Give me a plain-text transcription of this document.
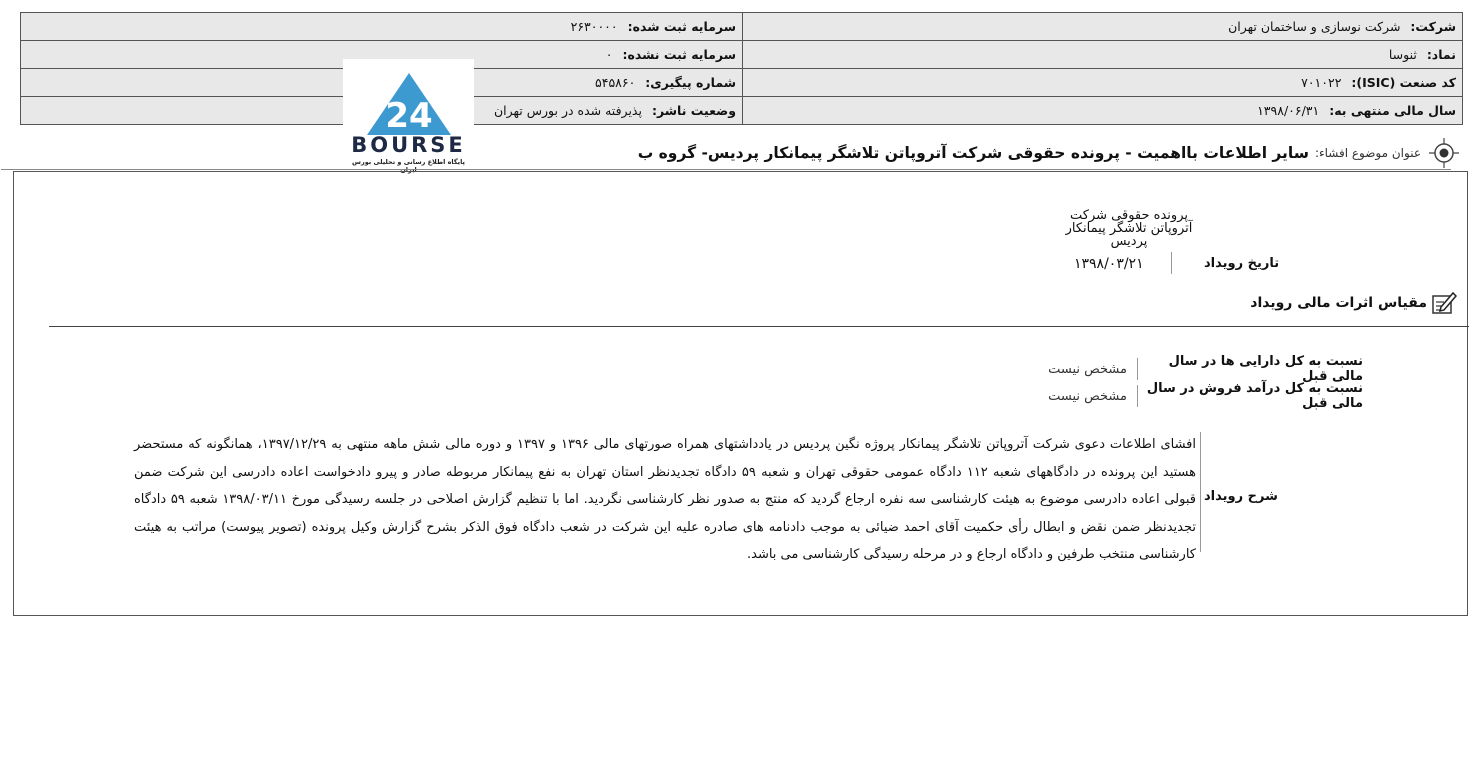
شرکت: شرکت نوسازی و ساختمان تهران	سرمایه ثبت شده: ۲۶۳۰۰۰۰
نماد: ثنوسا	سرمایه ثبت نشده: ۰
کد صنعت (ISIC): ۷۰۱۰۲۲	شماره پیگیری: ۵۴۵۸۶۰
سال مالی منتهی به: ۱۳۹۸/۰۶/۳۱	وضعیت ناشر: پذیرفته شده در بورس تهران
24
BOURSE
پایگاه اطلاع رسانی و تحلیلی بورس ایران
عنوان موضوع افشاء:
سایر اطلاعات بااهمیت - پرونده حقوقی شرکت آتروپاتن تلاشگر پیمانکار پردیس- گروه ب
پرونده حقوقی شرکت آتروپاتن تلاشگر پیمانکار پردیس
۱۳۹۸/۰۳/۲۱	تاریخ رویداد
مقیاس اثرات مالی رویداد
نسبت به کل دارایی ها در سال مالی قبل
مشخص نیست
نسبت به کل درآمد فروش در سال مالی قبل
مشخص نیست
شرح رویداد
افشای اطلاعات دعوی شرکت آتروپاتن تلاشگر پیمانکار پروژه نگین پردیس در یادداشتهای همراه صورتهای مالی ۱۳۹۶ و ۱۳۹۷ و دوره مالی شش ماهه منتهی به ۱۳۹۷/۱۲/۲۹، همانگونه که مستحضر هستید این پرونده در دادگاههای شعبه ۱۱۲ دادگاه عمومی حقوقی تهران و شعبه ۵۹ دادگاه تجدیدنظر استان تهران به نفع پیمانکار مربوطه صادر و پیرو دادخواست اعاده دادرسی این شرکت ضمن قبولی اعاده دادرسی موضوع به هیئت کارشناسی سه نفره ارجاع گردید که منتج به صدور نظر کارشناسی نگردید. اما با تنظیم گزارش اصلاحی در جلسه رسیدگی مورخ ۱۳۹۸/۰۳/۱۱ شعبه ۵۹ دادگاه تجدیدنظر ضمن نقض و ابطال رأی حکمیت آقای احمد ضیائی به موجب دادنامه های صادره علیه این شرکت در شعب دادگاه فوق الذکر بشرح گزارش وکیل پرونده (تصویر پیوست) مراتب به هیئت کارشناسی منتخب طرفین و دادگاه ارجاع و در مرحله رسیدگی کارشناسی می باشد.
